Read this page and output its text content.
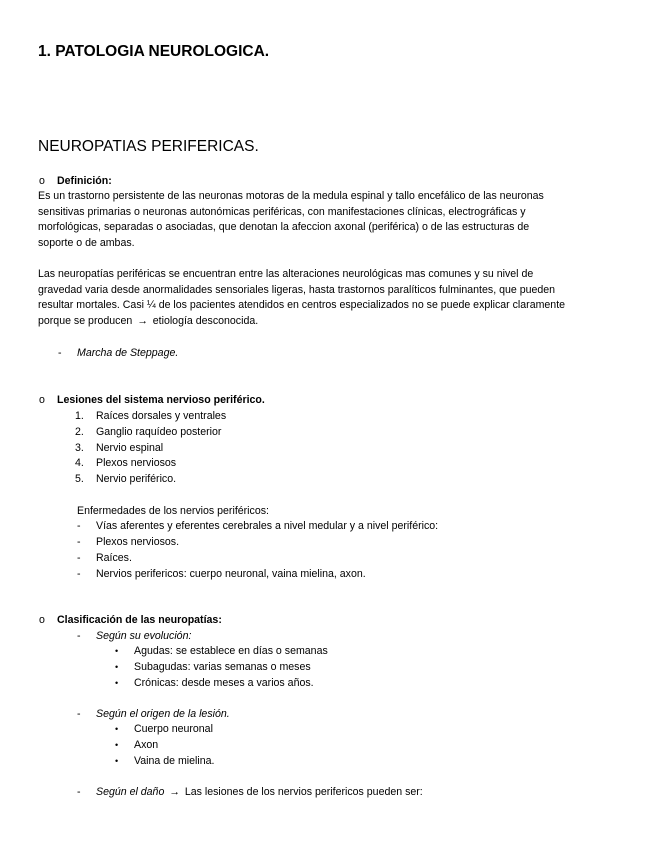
1. PATOLOGIA NEUROLOGICA.
NEUROPATIAS PERIFERICAS.
o Definición:
Es un trastorno persistente de las neuronas motoras de la medula espinal y tallo encefálico de las neuronas
sensitivas primarias o neuronas autonómicas periféricas, con manifestaciones clínicas, electrográficas y
morfológicas, separadas o asociadas, que denotan la afeccion axonal (periférica) o de las estructuras de
soporte o de ambas.
Las neuropatías periféricas se encuentran entre las alteraciones neurológicas mas comunes y su nivel de
gravedad varia desde anormalidades sensoriales ligeras, hasta trastornos paralíticos fulminantes, que pueden
resultar mortales. Casi ¼ de los pacientes atendidos en centros especializados no se puede explicar claramente
porque se producen → etiología desconocida.
- Marcha de Steppage.
o Lesiones del sistema nervioso periférico.
1. Raíces dorsales y ventrales
2. Ganglio raquídeo posterior
3. Nervio espinal
4. Plexos nerviosos
5. Nervio periférico.
Enfermedades de los nervios periféricos:
- Vías aferentes y eferentes cerebrales a nivel medular y a nivel periférico:
- Plexos nerviosos.
- Raíces.
- Nervios perifericos: cuerpo neuronal, vaina mielina, axon.
o Clasificación de las neuropatías:
- Según su evolución:
• Agudas: se establece en días o semanas
• Subagudas: varias semanas o meses
• Crónicas: desde meses a varios años.
- Según el origen de la lesión.
• Cuerpo neuronal
• Axon
• Vaina de mielina.
- Según el daño → Las lesiones de los nervios perifericos pueden ser:
